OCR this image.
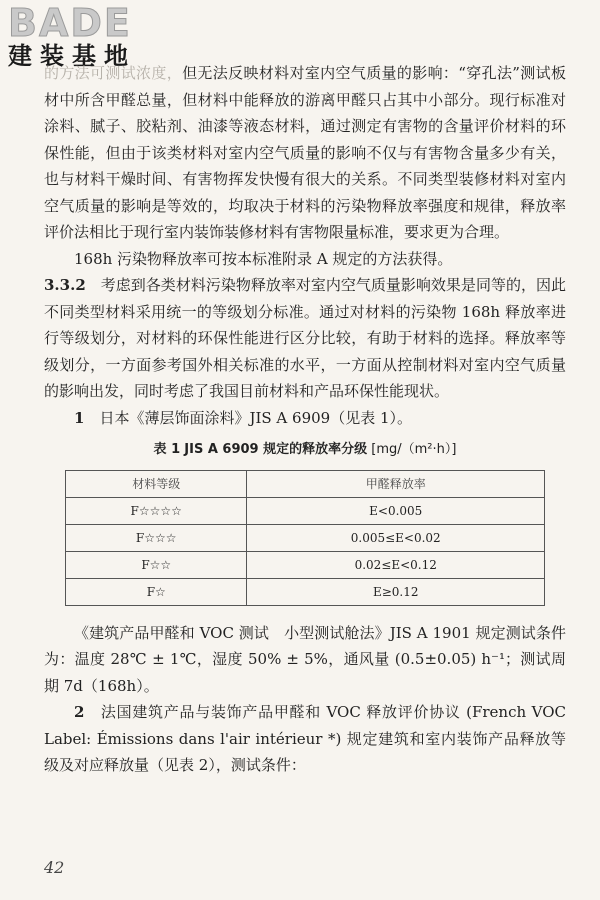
BADE
建装基地

的方法可测试浓度，但无法反映材料对室内空气质量的影响：“穿孔法”测试板材中所含甲醛总量，但材料中能释放的游离甲醛只占其中小部分。现行标准对涂料、腻子、胶粘剂、油漆等液态材料，通过测定有害物的含量评价材料的环保性能，但由于该类材料对室内空气质量的影响不仅与有害物含量多少有关，也与材料干燥时间、有害物挥发快慢有很大的关系。不同类型装修材料对室内空气质量的影响是等效的，均取决于材料的污染物释放率强度和规律，释放率评价法相比于现行室内装饰装修材料有害物限量标准，要求更为合理。

168h 污染物释放率可按本标准附录 A 规定的方法获得。

3.3.2　 考虑到各类材料污染物释放率对室内空气质量影响效果是同等的，因此不同类型材料采用统一的等级划分标准。通过对材料的污染物 168h 释放率进行等级划分，对材料的环保性能进行区分比较，有助于材料的选择。释放率等级划分，一方面参考国外相关标准的水平，一方面从控制材料对室内空气质量的影响出发，同时考虑了我国目前材料和产品环保性能现状。

1　 日本《薄层饰面涂料》JIS A 6909（见表 1）。

表 1 JIS A 6909 规定的释放率分级 [mg/（m²·h）]
材料等级	甲醛释放率
F☆☆☆☆	E<0.005
F☆☆☆	0.005≤E<0.02
F☆☆	0.02≤E<0.12
F☆	E≥0.12

《建筑产品甲醛和 VOC 测试　小型测试舱法》JIS A 1901 规定测试条件为：温度 28℃ ± 1℃，湿度 50% ± 5%，通风量 (0.5±0.05) h⁻¹；测试周期 7d（168h）。

2　 法国建筑产品与装饰产品甲醛和 VOC 释放评价协议 (French VOC Label: Émissions dans l'air intérieur *) 规定建筑和室内装饰产品释放等级及对应释放量（见表 2），测试条件：

42
